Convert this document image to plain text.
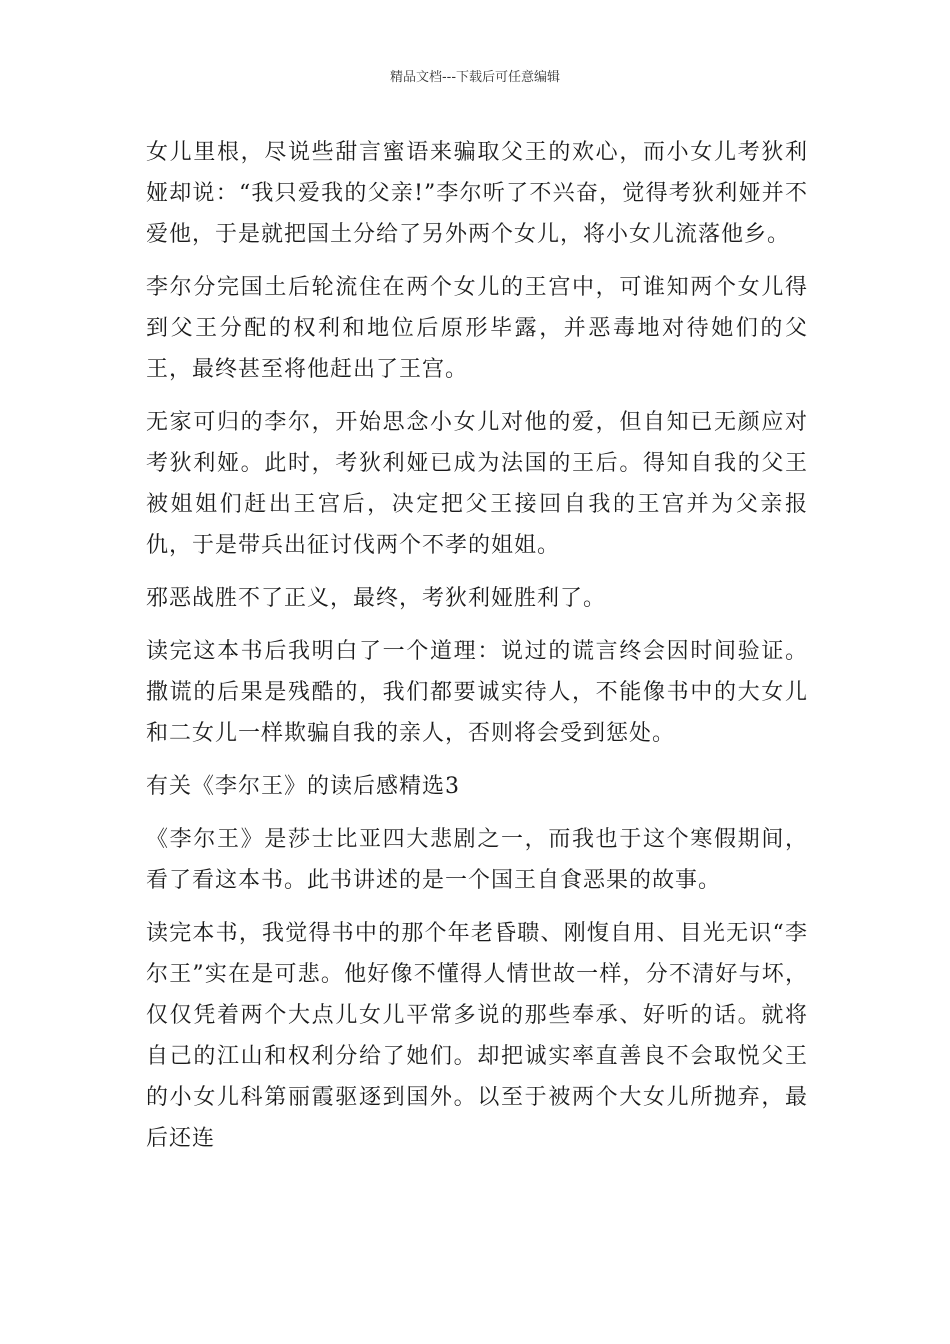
精品文档---下载后可任意编辑

女儿里根，尽说些甜言蜜语来骗取父王的欢心，而小女儿考狄利娅却说：“我只爱我的父亲!”李尔听了不兴奋，觉得考狄利娅并不爱他，于是就把国土分给了另外两个女儿，将小女儿流落他乡。

李尔分完国土后轮流住在两个女儿的王宫中，可谁知两个女儿得到父王分配的权利和地位后原形毕露，并恶毒地对待她们的父王，最终甚至将他赶出了王宫。

无家可归的李尔，开始思念小女儿对他的爱，但自知已无颜应对考狄利娅。此时，考狄利娅已成为法国的王后。得知自我的父王被姐姐们赶出王宫后，决定把父王接回自我的王宫并为父亲报仇，于是带兵出征讨伐两个不孝的姐姐。

邪恶战胜不了正义，最终，考狄利娅胜利了。

读完这本书后我明白了一个道理：说过的谎言终会因时间验证。撒谎的后果是残酷的，我们都要诚实待人，不能像书中的大女儿和二女儿一样欺骗自我的亲人，否则将会受到惩处。

有关《李尔王》的读后感精选3

《李尔王》是莎士比亚四大悲剧之一，而我也于这个寒假期间，看了看这本书。此书讲述的是一个国王自食恶果的故事。

读完本书，我觉得书中的那个年老昏聩、刚愎自用、目光无识“李尔王”实在是可悲。他好像不懂得人情世故一样，分不清好与坏，仅仅凭着两个大点儿女儿平常多说的那些奉承、好听的话。就将自己的江山和权利分给了她们。却把诚实率直善良不会取悦父王的小女儿科第丽霞驱逐到国外。以至于被两个大女儿所抛弃，最后还连
